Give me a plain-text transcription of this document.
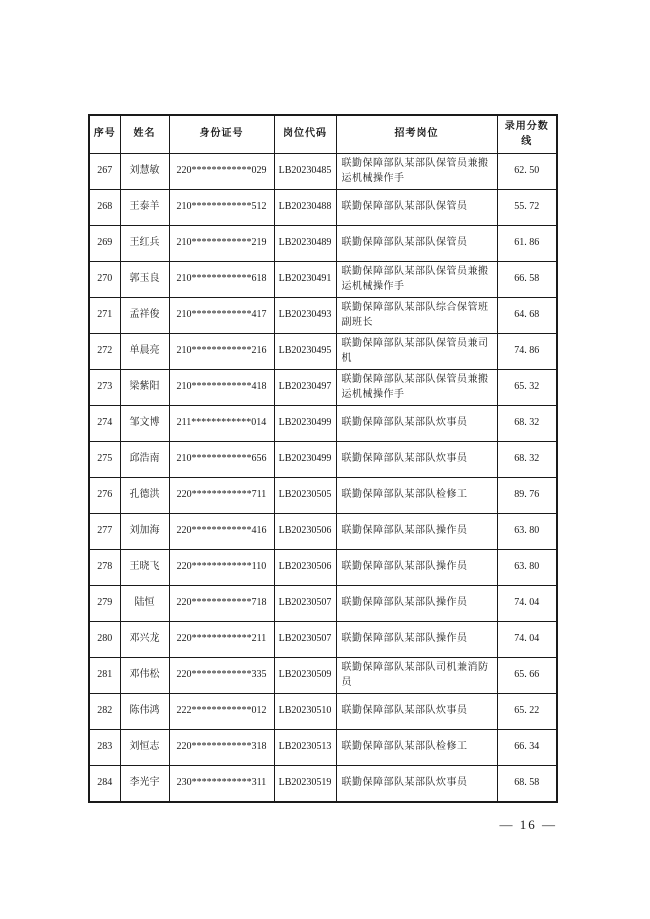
序号	姓名	身份证号	岗位代码	招考岗位	录用分数线
267	刘慧敏	220************029	LB20230485	联勤保障部队某部队保管员兼搬运机械操作手	62. 50
268	王泰羊	210************512	LB20230488	联勤保障部队某部队保管员	55. 72
269	王红兵	210************219	LB20230489	联勤保障部队某部队保管员	61. 86
270	郭玉良	210************618	LB20230491	联勤保障部队某部队保管员兼搬运机械操作手	66. 58
271	孟祥俊	210************417	LB20230493	联勤保障部队某部队综合保管班副班长	64. 68
272	单晨亮	210************216	LB20230495	联勤保障部队某部队保管员兼司机	74. 86
273	梁紫阳	210************418	LB20230497	联勤保障部队某部队保管员兼搬运机械操作手	65. 32
274	邹文博	211************014	LB20230499	联勤保障部队某部队炊事员	68. 32
275	邱浩南	210************656	LB20230499	联勤保障部队某部队炊事员	68. 32
276	孔德洪	220************711	LB20230505	联勤保障部队某部队检修工	89. 76
277	刘加海	220************416	LB20230506	联勤保障部队某部队操作员	63. 80
278	王晓飞	220************110	LB20230506	联勤保障部队某部队操作员	63. 80
279	陆恒	220************718	LB20230507	联勤保障部队某部队操作员	74. 04
280	邓兴龙	220************211	LB20230507	联勤保障部队某部队操作员	74. 04
281	邓伟松	220************335	LB20230509	联勤保障部队某部队司机兼消防员	65. 66
282	陈伟鸿	222************012	LB20230510	联勤保障部队某部队炊事员	65. 22
283	刘恒志	220************318	LB20230513	联勤保障部队某部队检修工	66. 34
284	李光宇	230************311	LB20230519	联勤保障部队某部队炊事员	68. 58
— 16 —
